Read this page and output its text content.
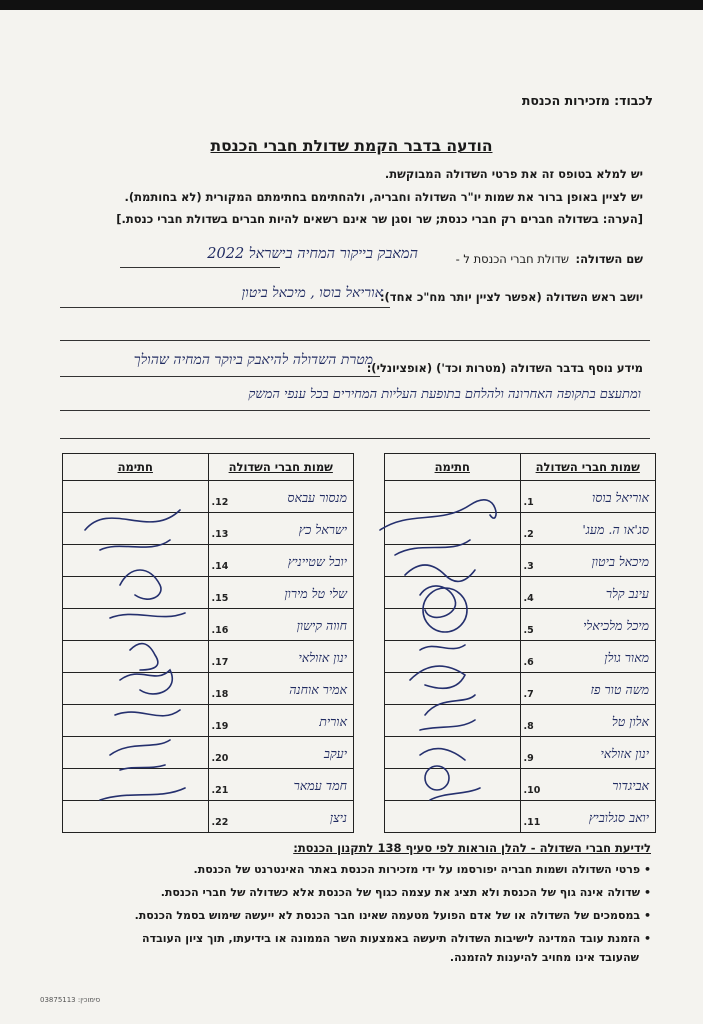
לכבוד: מזכירות הכנסת
הודעה בדבר הקמת שדולת חברי הכנסת
יש למלא בטופס זה את פרטי השדולה המבוקשת.
יש לציין באופן ברור את שמות יו"ר השדולה וחבריה, ולהחתימם בחתימתם המקורית (לא בחותמת).
[הערה: בשדולה חברים רק חברי כנסת; שר וסגן שר אינם רשאים להיות חברים בשדולת חברי כנסת.]
שם השדולה:
שדולת חברי הכנסת ל -
המאבק בייקור המחיה בישראל 2022
יושב ראש השדולה (אפשר לציין יותר מח"כ אחד):
אוריאל בוסו , מיכאל ביטון
מידע נוסף בדבר השדולה (מטרות וכד') (אופציונלי):
מטרת השדולה להיאבק ביוקר המחיה שהולך
ומתעצם בתקופה האחרונה ולהלחם בתופעת העליות המחירים בכל ענפי המשק
שמות חברי השדולה	חתימה

1. אוריאל בוסו	

2. סג'או ה. מעג'	

3. מיכאל ביטון	

4. עינב קלר	

5. מיכל מלכיאלי	

6. מאור גולן	

7. משה טור פז	

8. אלון טל	

9. ינון אזולאי	

10. אביגדור	

11. יואב סגלוביץ	

שמות חברי השדולה	חתימה

12. מנסור עבאס	

13. ישראל כץ	

14. יובל שטייניץ	

15. שלי טל מירון	

16. חווה קישון	

17. ינון אזולאי	

18. אמיר אוחנה	

19. אורית	

20. יעקב	

21. חמד עמאר	

22. ניצן	

לידיעת חברי השדולה - להלן הוראות לפי סעיף 138 לתקנון הכנסת:
• פרטי השדולה ושמות חבריה יפורסמו על ידי מזכירות הכנסת באתר האינטרנט של הכנסת.
• שדולה אינה גוף של הכנסת ולא תציג את עצמה כגוף של הכנסת אלא כשדולה של חברי הכנסת.
• במסמכים של השדולה או של אדם הפועל מטעמה שאינו חבר הכנסת לא ייעשה שימוש בסמל הכנסת.
• הזמנת עובד המדינה לישיבות השדולה תיעשה באמצעות השר הממונה או בידיעתו, תוך ציון העובדה
שהעובד אינו מחויב להיענות להזמנה.
סימוכין: 03875113
